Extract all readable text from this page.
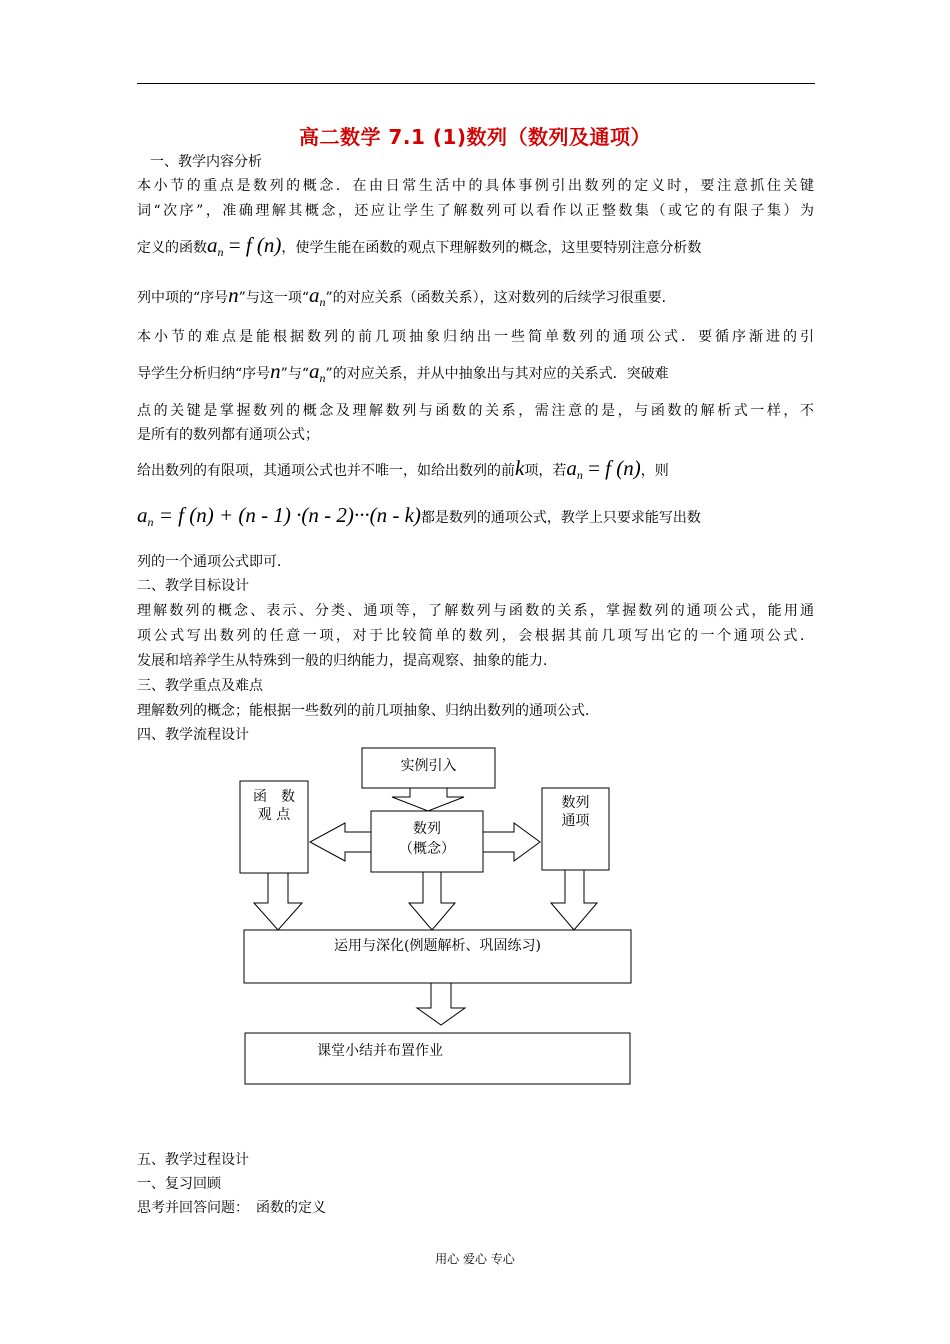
高二数学 7.1 (1)数列（数列及通项）
一、教学内容分析
本小节的重点是数列的概念．在由日常生活中的具体事例引出数列的定义时，要注意抓住关键
词“次序”，准确理解其概念，还应让学生了解数列可以看作以正整数集（或它的有限子集）为
定义的函数an = f (n)，使学生能在函数的观点下理解数列的概念，这里要特别注意分析数
列中项的“序号n”与这一项“an”的对应关系（函数关系），这对数列的后续学习很重要．
本小节的难点是能根据数列的前几项抽象归纳出一些简单数列的通项公式．要循序渐进的引
导学生分析归纳“序号n”与“an”的对应关系，并从中抽象出与其对应的关系式．突破难
点的关键是掌握数列的概念及理解数列与函数的关系，需注意的是，与函数的解析式一样，不
是所有的数列都有通项公式；
给出数列的有限项，其通项公式也并不唯一，如给出数列的前k项，若an = f (n)，则
an = f (n) + (n - 1) ·(n - 2)···(n - k)都是数列的通项公式，教学上只要求能写出数
列的一个通项公式即可．
二、教学目标设计
理解数列的概念、表示、分类、通项等，了解数列与函数的关系，掌握数列的通项公式，能用通
项公式写出数列的任意一项，对于比较简单的数列，会根据其前几项写出它的一个通项公式．
发展和培养学生从特殊到一般的归纳能力，提高观察、抽象的能力．
三、教学重点及难点
理解数列的概念；能根据一些数列的前几项抽象、归纳出数列的通项公式．
四、教学流程设计
实例引入
函　数
观 点
数列
通项
数列
（概念）
运用与深化(例题解析、巩固练习)
课堂小结并布置作业
五、教学过程设计
一、复习回顾
思考并回答问题：　函数的定义
用心 爱心 专心
